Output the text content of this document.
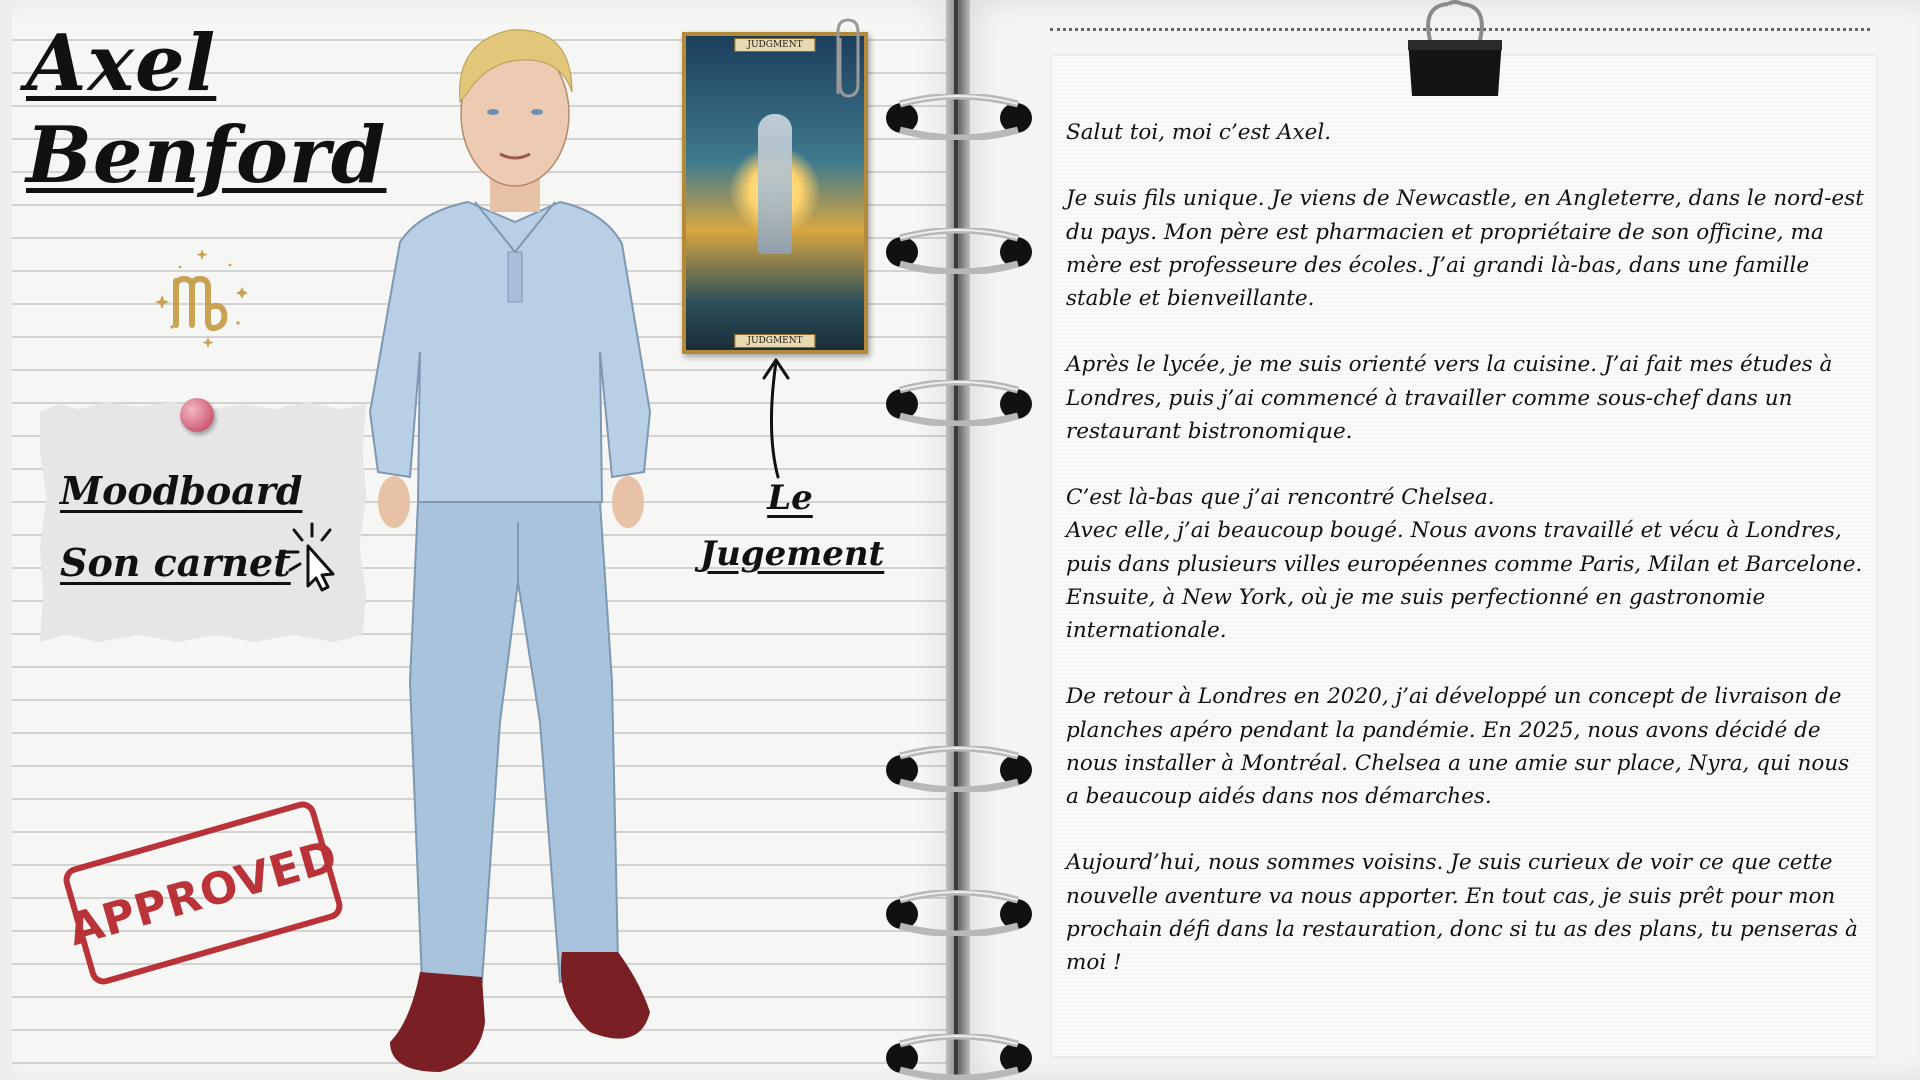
Axel
Benford
Moodboard
Son carnet
APPROVED
JUDGMENT
JUDGMENT
Le
Jugement

Salut toi, moi c’est Axel.

Je suis fils unique. Je viens de Newcastle, en Angleterre, dans le nord-est du pays. Mon père est pharmacien et propriétaire de son officine, ma mère est professeure des écoles. J’ai grandi là-bas, dans une famille stable et bienveillante.

Après le lycée, je me suis orienté vers la cuisine. J’ai fait mes études à Londres, puis j’ai commencé à travailler comme sous-chef dans un restaurant bistronomique.

C’est là-bas que j’ai rencontré Chelsea.
Avec elle, j’ai beaucoup bougé. Nous avons travaillé et vécu à Londres, puis dans plusieurs villes européennes comme Paris, Milan et Barcelone. Ensuite, à New York, où je me suis perfectionné en gastronomie internationale.

De retour à Londres en 2020, j’ai développé un concept de livraison de planches apéro pendant la pandémie. En 2025, nous avons décidé de nous installer à Montréal. Chelsea a une amie sur place, Nyra, qui nous a beaucoup aidés dans nos démarches.

Aujourd’hui, nous sommes voisins. Je suis curieux de voir ce que cette nouvelle aventure va nous apporter. En tout cas, je suis prêt pour mon prochain défi dans la restauration, donc si tu as des plans, tu penseras à moi !
